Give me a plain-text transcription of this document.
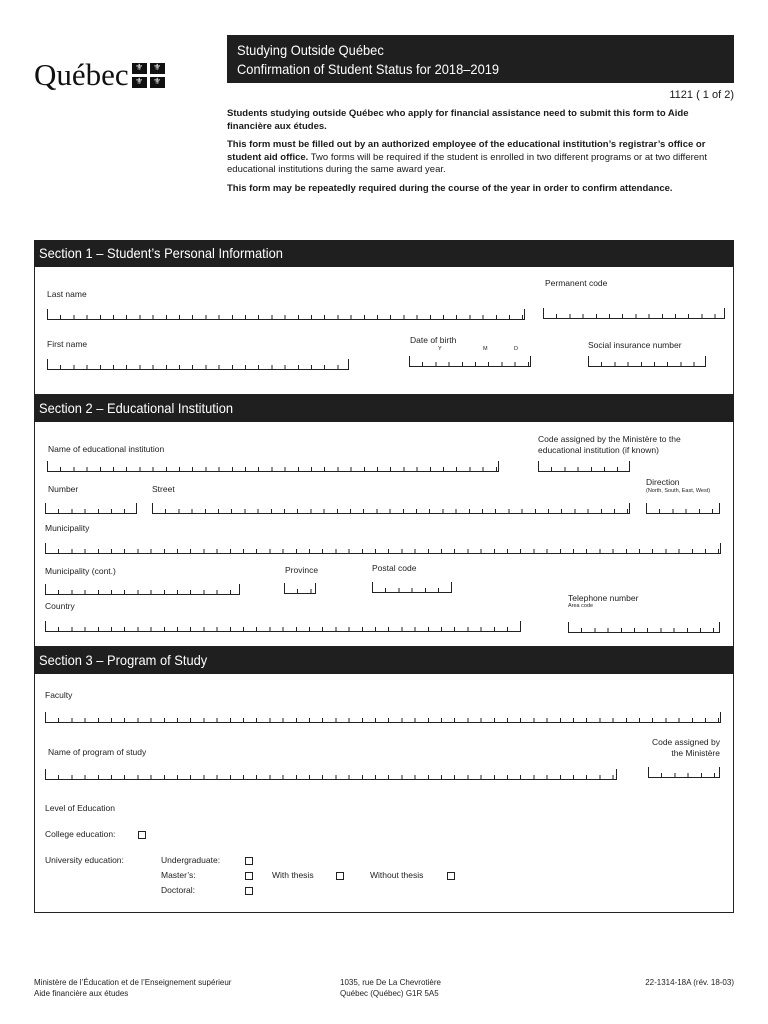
Québec ⚜	⚜
⚜	⚜
Studying Outside Québec
Confirmation of Student Status for 2018–2019
1121 ( 1 of 2)
Students studying outside Québec who apply for financial assistance need to submit this form to Aide financière aux études.
This form must be filled out by an authorized employee of the educational institution’s registrar’s office or student aid office. Two forms will be required if the student is enrolled in two different programs or at two different educational institutions during the same award year.
This form may be repeatedly required during the course of the year in order to confirm attendance.
Section 1 – Student’s Personal Information
Last name
Permanent code
First name	Date of birth
Y	M	D	Social insurance number
Section 2 – Educational Institution
Name of educational institution
Code assigned by the Ministère to the educational institution (if known)
Number	Street
Direction
(North, South, East, West)
Municipality
Municipality (cont.)	Province	Postal code
Country
Telephone number
Area code
Section 3 – Program of Study
Faculty
Name of program of study
Code assigned by the Ministère
Level of Education
College education:
University education:	Undergraduate:
Master’s:	With thesis	Without thesis
Doctoral:
Ministère de l’Éducation et de l’Enseignement supérieur
Aide financière aux études
1035, rue De La Chevrotière
Québec (Québec) G1R 5A5
22-1314-18A (rév. 18-03)
